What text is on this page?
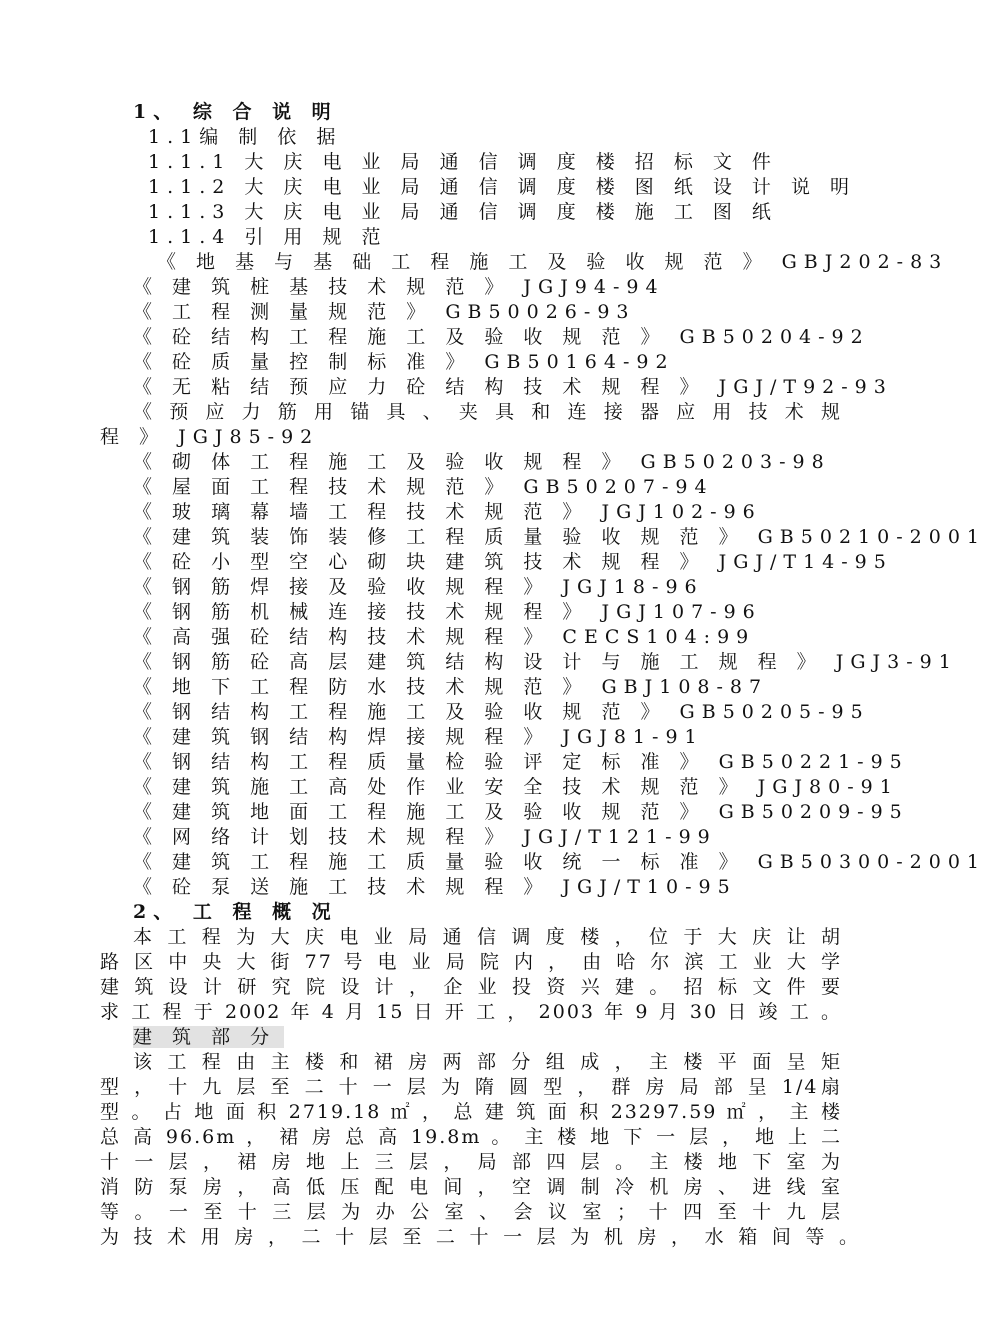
1、 综 合 说 明
1.1编 制 依 据
1.1.1 大 庆 电 业 局 通 信 调 度 楼 招 标 文 件
1.1.2 大 庆 电 业 局 通 信 调 度 楼 图 纸 设 计 说 明
1.1.3 大 庆 电 业 局 通 信 调 度 楼 施 工 图 纸
1.1.4 引 用 规 范
《 地 基 与 基 础 工 程 施 工 及 验 收 规 范 》 GBJ202-83
《 建 筑 桩 基 技 术 规 范 》 JGJ94-94
《 工 程 测 量 规 范 》 GB50026-93
《 砼 结 构 工 程 施 工 及 验 收 规 范 》 GB50204-92
《 砼 质 量 控 制 标 准 》 GB50164-92
《 无 粘 结 预 应 力 砼 结 构 技 术 规 程 》 JGJ/T92-93
《 预 应 力 筋 用 锚 具 、 夹 具 和 连 接 器 应 用 技 术 规
程 》 JGJ85-92
《 砌 体 工 程 施 工 及 验 收 规 程 》 GB50203-98
《 屋 面 工 程 技 术 规 范 》 GB50207-94
《 玻 璃 幕 墙 工 程 技 术 规 范 》 JGJ102-96
《 建 筑 装 饰 装 修 工 程 质 量 验 收 规 范 》 GB50210-2001
《 砼 小 型 空 心 砌 块 建 筑 技 术 规 程 》 JGJ/T14-95
《 钢 筋 焊 接 及 验 收 规 程 》 JGJ18-96
《 钢 筋 机 械 连 接 技 术 规 程 》 JGJ107-96
《 高 强 砼 结 构 技 术 规 程 》 CECS104:99
《 钢 筋 砼 高 层 建 筑 结 构 设 计 与 施 工 规 程 》 JGJ3-91
《 地 下 工 程 防 水 技 术 规 范 》 GBJ108-87
《 钢 结 构 工 程 施 工 及 验 收 规 范 》 GB50205-95
《 建 筑 钢 结 构 焊 接 规 程 》 JGJ81-91
《 钢 结 构 工 程 质 量 检 验 评 定 标 准 》 GB50221-95
《 建 筑 施 工 高 处 作 业 安 全 技 术 规 范 》 JGJ80-91
《 建 筑 地 面 工 程 施 工 及 验 收 规 范 》 GB50209-95
《 网 络 计 划 技 术 规 程 》 JGJ/T121-99
《 建 筑 工 程 施 工 质 量 验 收 统 一 标 准 》 GB50300-2001
《 砼 泵 送 施 工 技 术 规 程 》 JGJ/T10-95
2、 工 程 概 况
本 工 程 为 大 庆 电 业 局 通 信 调 度 楼 ， 位 于 大 庆 让 胡
路 区 中 央 大 街 77 号 电 业 局 院 内 ， 由 哈 尔 滨 工 业 大 学
建 筑 设 计 研 究 院 设 计 ， 企 业 投 资 兴 建 。 招 标 文 件 要
求 工 程 于 2002 年 4 月 15 日 开 工 ， 2003 年 9 月 30 日 竣 工 。
建 筑 部 分
该 工 程 由 主 楼 和 裙 房 两 部 分 组 成 ， 主 楼 平 面 呈 矩
型 ， 十 九 层 至 二 十 一 层 为 隋 圆 型 ， 群 房 局 部 呈 1/4扇
型 。 占 地 面 积 2719.18 ㎡ ， 总 建 筑 面 积 23297.59 ㎡ ， 主 楼
总 高 96.6m ， 裙 房 总 高 19.8m 。 主 楼 地 下 一 层 ， 地 上 二
十 一 层 ， 裙 房 地 上 三 层 ， 局 部 四 层 。 主 楼 地 下 室 为
消 防 泵 房 ， 高 低 压 配 电 间 ， 空 调 制 冷 机 房 、 进 线 室
等 。 一 至 十 三 层 为 办 公 室 、 会 议 室 ； 十 四 至 十 九 层
为 技 术 用 房 ， 二 十 层 至 二 十 一 层 为 机 房 ， 水 箱 间 等 。
